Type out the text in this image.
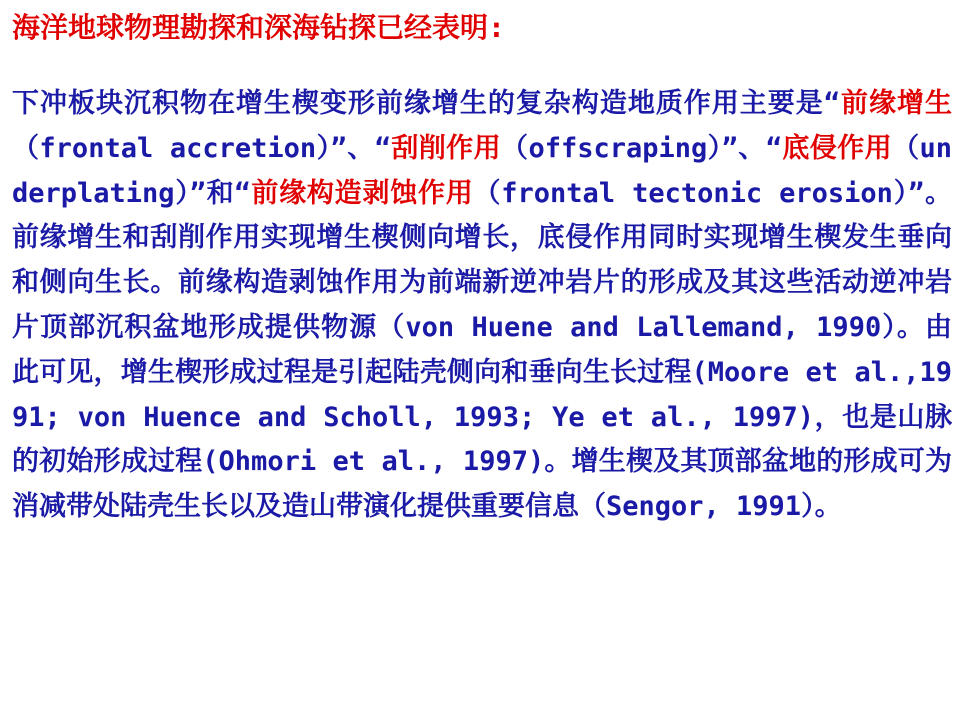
海洋地球物理勘探和深海钻探已经表明:
下冲板块沉积物在增生楔变形前缘增生的复杂构造地质作用主要是“前缘增生（frontal accretion）”、“刮削作用（offscraping）”、“底侵作用（underplating）”和“前缘构造剥蚀作用（frontal tectonic erosion）”。前缘增生和刮削作用实现增生楔侧向增长，底侵作用同时实现增生楔发生垂向和侧向生长。前缘构造剥蚀作用为前端新逆冲岩片的形成及其这些活动逆冲岩片顶部沉积盆地形成提供物源（von Huene and Lallemand, 1990）。由此可见，增生楔形成过程是引起陆壳侧向和垂向生长过程(Moore et al.,1991; von Huence and Scholl, 1993; Ye et al., 1997)，也是山脉的初始形成过程(Ohmori et al., 1997)。增生楔及其顶部盆地的形成可为消减带处陆壳生长以及造山带演化提供重要信息（Sengor, 1991）。
